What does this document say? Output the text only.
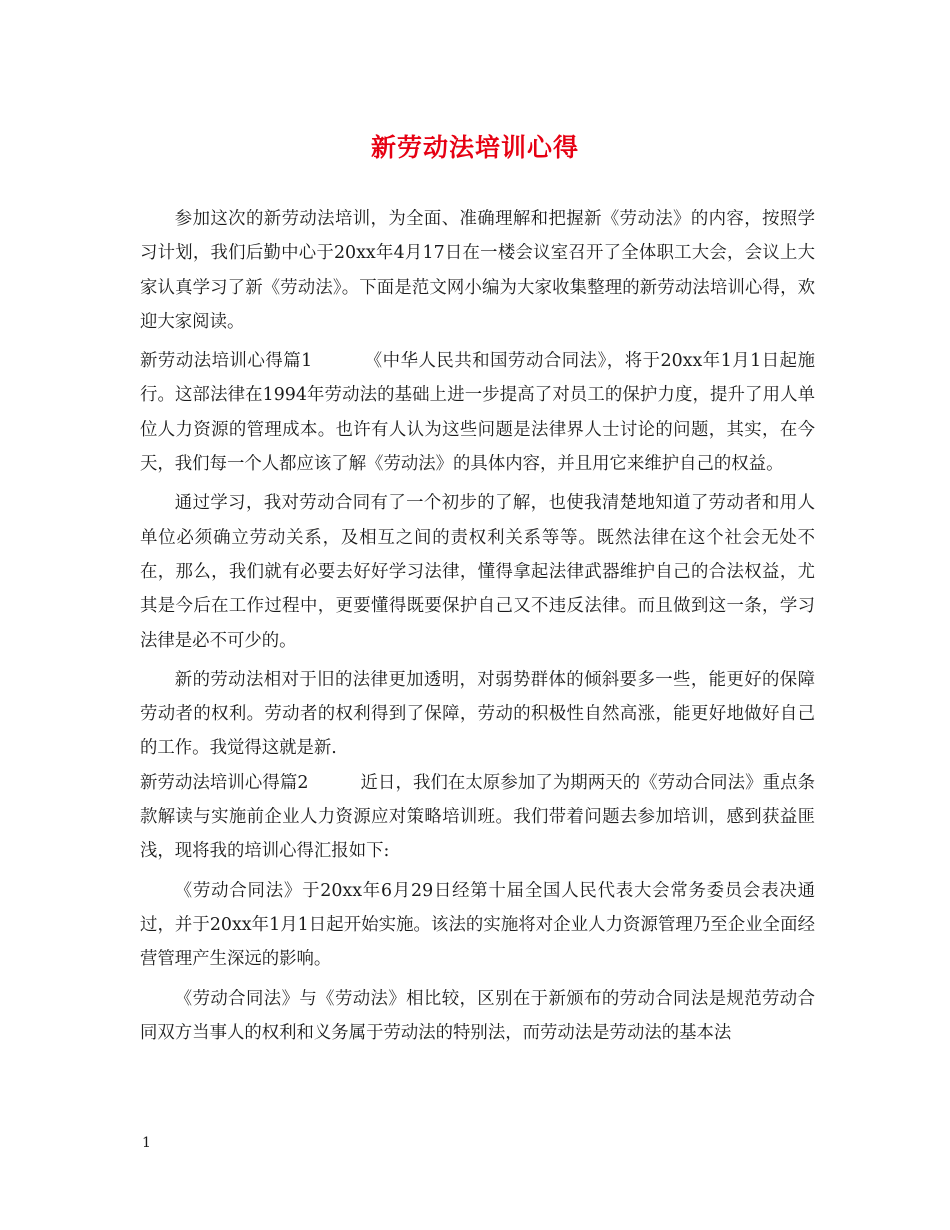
新劳动法培训心得

参加这次的新劳动法培训，为全面、准确理解和把握新《劳动法》的内容，按照学习计划，我们后勤中心于20xx年4月17日在一楼会议室召开了全体职工大会，会议上大家认真学习了新《劳动法》。下面是范文网小编为大家收集整理的新劳动法培训心得，欢迎大家阅读。

新劳动法培训心得篇1	《中华人民共和国劳动合同法》，将于20xx年1月1日起施行。这部法律在1994年劳动法的基础上进一步提高了对员工的保护力度，提升了用人单位人力资源的管理成本。也许有人认为这些问题是法律界人士讨论的问题，其实，在今天，我们每一个人都应该了解《劳动法》的具体内容，并且用它来维护自己的权益。

通过学习，我对劳动合同有了一个初步的了解，也使我清楚地知道了劳动者和用人单位必须确立劳动关系，及相互之间的责权利关系等等。既然法律在这个社会无处不在，那么，我们就有必要去好好学习法律，懂得拿起法律武器维护自己的合法权益，尤其是今后在工作过程中，更要懂得既要保护自己又不违反法律。而且做到这一条，学习法律是必不可少的。

新的劳动法相对于旧的法律更加透明，对弱势群体的倾斜要多一些，能更好的保障劳动者的权利。劳动者的权利得到了保障，劳动的积极性自然高涨，能更好地做好自己的工作。我觉得这就是新.

新劳动法培训心得篇2	近日，我们在太原参加了为期两天的《劳动合同法》重点条款解读与实施前企业人力资源应对策略培训班。我们带着问题去参加培训，感到获益匪浅，现将我的培训心得汇报如下:

《劳动合同法》于20xx年6月29日经第十届全国人民代表大会常务委员会表决通过，并于20xx年1月1日起开始实施。该法的实施将对企业人力资源管理乃至企业全面经营管理产生深远的影响。

《劳动合同法》与《劳动法》相比较，区别在于新颁布的劳动合同法是规范劳动合同双方当事人的权利和义务属于劳动法的特别法，而劳动法是劳动法的基本法

1
